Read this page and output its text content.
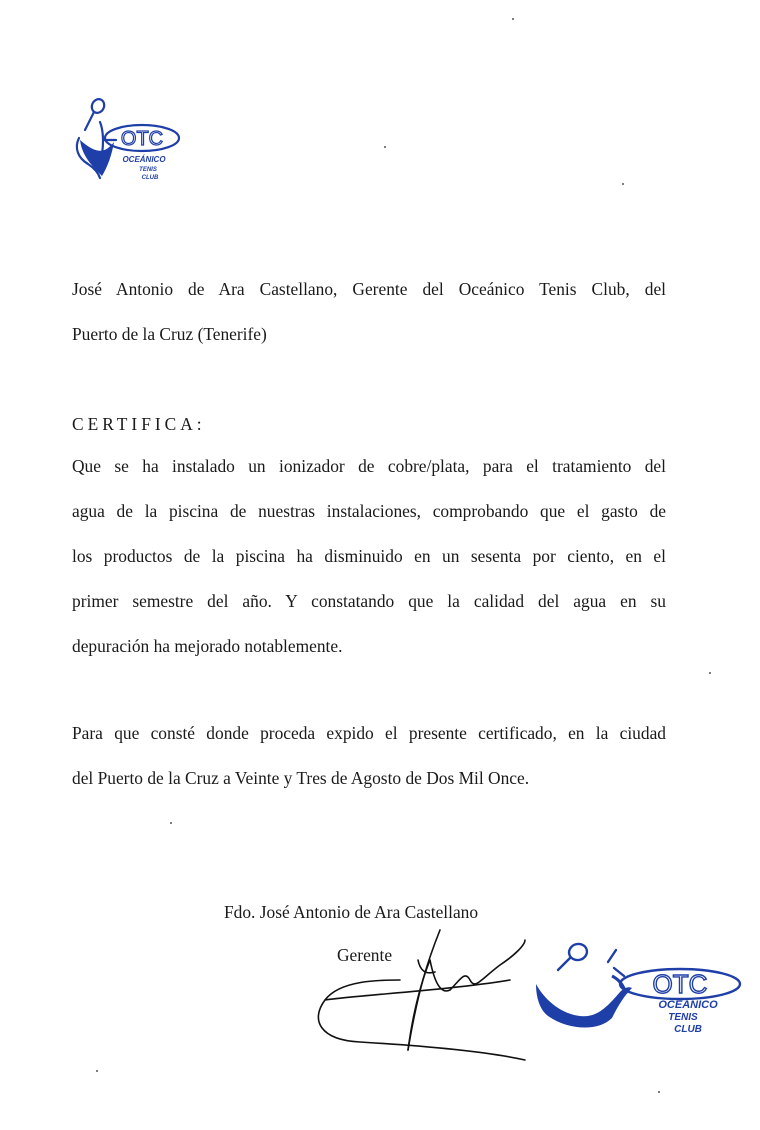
OTC
OCEÁNICO
TENIS
CLUB

José Antonio de Ara Castellano, Gerente del Oceánico Tenis Club, del
Puerto de la Cruz (Tenerife)

CERTIFICA:

Que se ha instalado un ionizador de cobre/plata, para el tratamiento del
agua de la piscina de nuestras instalaciones, comprobando que el gasto de
los productos de la piscina ha disminuido en un sesenta por ciento, en el
primer semestre del año. Y constatando que la calidad del agua en su
depuración ha mejorado notablemente.

Para que consté donde proceda expido el presente certificado, en la ciudad
del Puerto de la Cruz a Veinte y Tres de Agosto de Dos Mil Once.

Fdo. José Antonio de Ara Castellano

Gerente

OTC
OCEÁNICO
TENIS
CLUB
